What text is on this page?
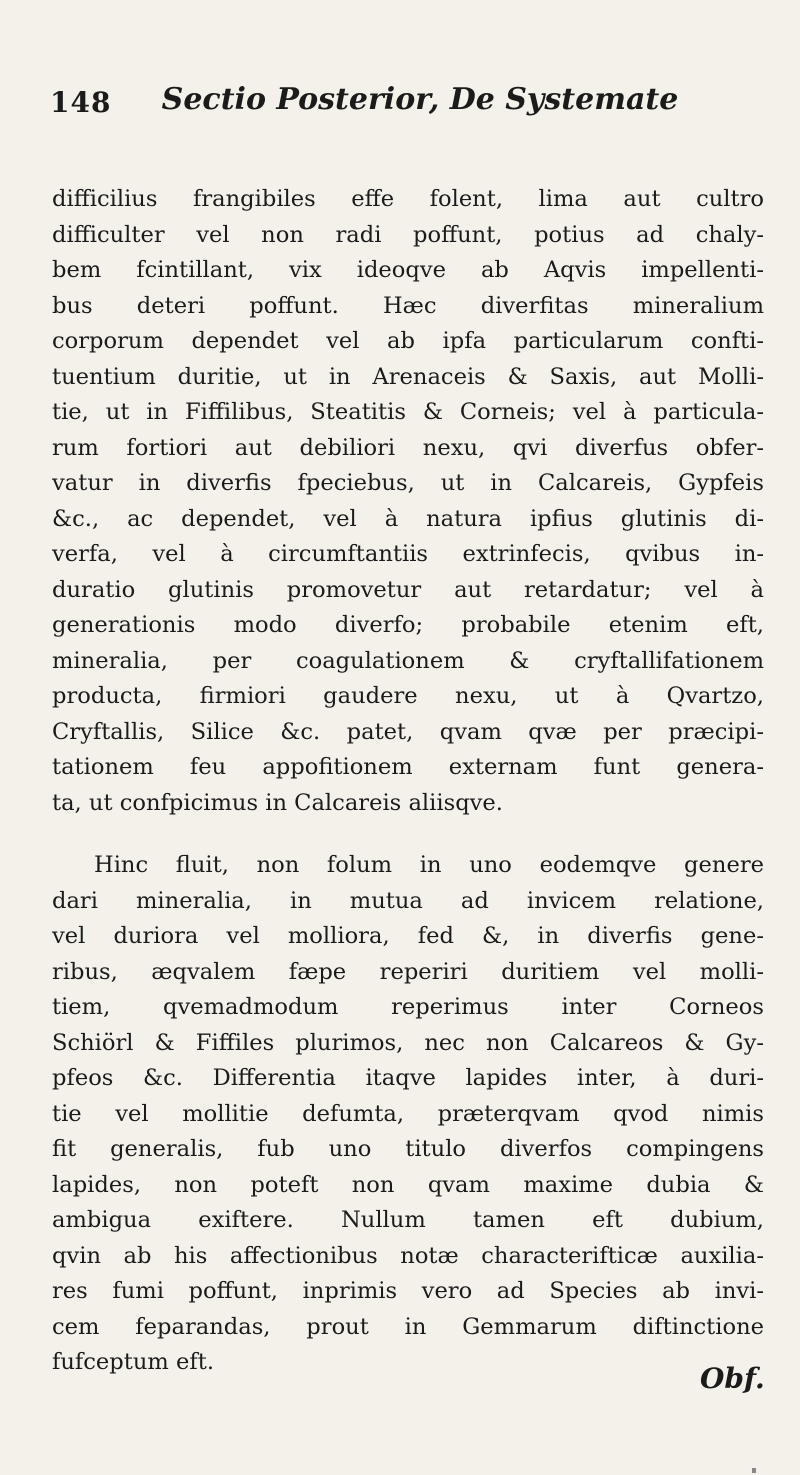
148	Sectio Posterior, De Systemate
difficilius frangibiles effe folent, lima aut cultro
difficulter vel non radi poffunt, potius ad chaly-
bem fcintillant, vix ideoqve ab Aqvis impellenti-
bus deteri poffunt. Hæc diverfitas mineralium
corporum dependet vel ab ipfa particularum confti-
tuentium duritie, ut in Arenaceis & Saxis, aut Molli-
tie, ut in Fiffilibus, Steatitis & Corneis; vel à particula-
rum fortiori aut debiliori nexu, qvi diverfus obfer-
vatur in diverfis fpeciebus, ut in Calcareis, Gypfeis
&c., ac dependet, vel à natura ipfius glutinis di-
verfa, vel à circumftantiis extrinfecis, qvibus in-
duratio glutinis promovetur aut retardatur; vel à
generationis modo diverfo; probabile etenim eft,
mineralia, per coagulationem & cryftallifationem
producta, firmiori gaudere nexu, ut à Qvartzo,
Cryftallis, Silice &c. patet, qvam qvæ per præcipi-
tationem feu appofitionem externam funt genera-
ta, ut confpicimus in Calcareis aliisqve.
Hinc fluit, non folum in uno eodemqve genere
dari mineralia, in mutua ad invicem relatione,
vel duriora vel molliora, fed &, in diverfis gene-
ribus, æqvalem fæpe reperiri duritiem vel molli-
tiem, qvemadmodum reperimus inter Corneos
Schiörl & Fiffiles plurimos, nec non Calcareos & Gy-
pfeos &c. Differentia itaqve lapides inter, à duri-
tie vel mollitie defumta, præterqvam qvod nimis
fit generalis, fub uno titulo diverfos compingens
lapides, non poteft non qvam maxime dubia &
ambigua exiftere. Nullum tamen eft dubium,
qvin ab his affectionibus notæ characterifticæ auxilia-
res fumi poffunt, inprimis vero ad Species ab invi-
cem feparandas, prout in Gemmarum diftinctione
fufceptum eft.	Obf.
